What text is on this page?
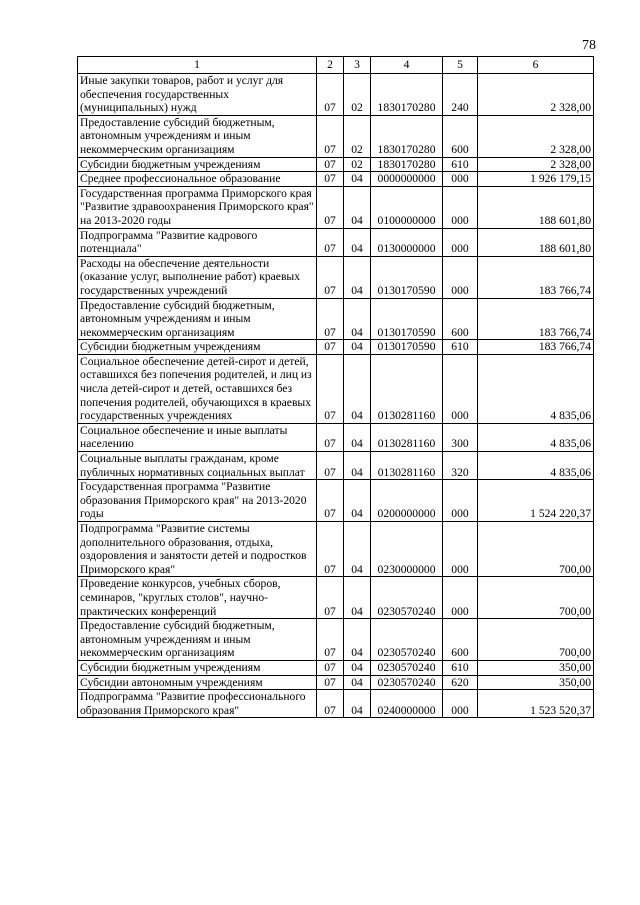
78
1	2	3	4	5	6
Иные закупки товаров, работ и услуг для обеспечения государственных (муниципальных) нужд	07	02	1830170280	240	2 328,00
Предоставление субсидий бюджетным, автономным учреждениям и иным некоммерческим организациям	07	02	1830170280	600	2 328,00
Субсидии бюджетным учреждениям	07	02	1830170280	610	2 328,00
Среднее профессиональное образование	07	04	0000000000	000	1 926 179,15
Государственная программа Приморского края "Развитие здравоохранения Приморского края" на 2013-2020 годы	07	04	0100000000	000	188 601,80
Подпрограмма "Развитие кадрового потенциала"	07	04	0130000000	000	188 601,80
Расходы на обеспечение деятельности (оказание услуг, выполнение работ) краевых государственных учреждений	07	04	0130170590	000	183 766,74
Предоставление субсидий бюджетным, автономным учреждениям и иным некоммерческим организациям	07	04	0130170590	600	183 766,74
Субсидии бюджетным учреждениям	07	04	0130170590	610	183 766,74
Социальное обеспечение детей-сирот и детей, оставшихся без попечения родителей, и лиц из числа детей-сирот и детей, оставшихся без попечения родителей, обучающихся в краевых государственных учреждениях	07	04	0130281160	000	4 835,06
Социальное обеспечение и иные выплаты населению	07	04	0130281160	300	4 835,06
Социальные выплаты гражданам, кроме публичных нормативных социальных выплат	07	04	0130281160	320	4 835,06
Государственная программа "Развитие образования Приморского края" на 2013-2020 годы	07	04	0200000000	000	1 524 220,37
Подпрограмма "Развитие системы дополнительного образования, отдыха, оздоровления и занятости детей и подростков Приморского края"	07	04	0230000000	000	700,00
Проведение конкурсов, учебных сборов, семинаров, "круглых столов", научно-практических конференций	07	04	0230570240	000	700,00
Предоставление субсидий бюджетным, автономным учреждениям и иным некоммерческим организациям	07	04	0230570240	600	700,00
Субсидии бюджетным учреждениям	07	04	0230570240	610	350,00
Субсидии автономным учреждениям	07	04	0230570240	620	350,00
Подпрограмма "Развитие профессионального образования Приморского края"	07	04	0240000000	000	1 523 520,37
